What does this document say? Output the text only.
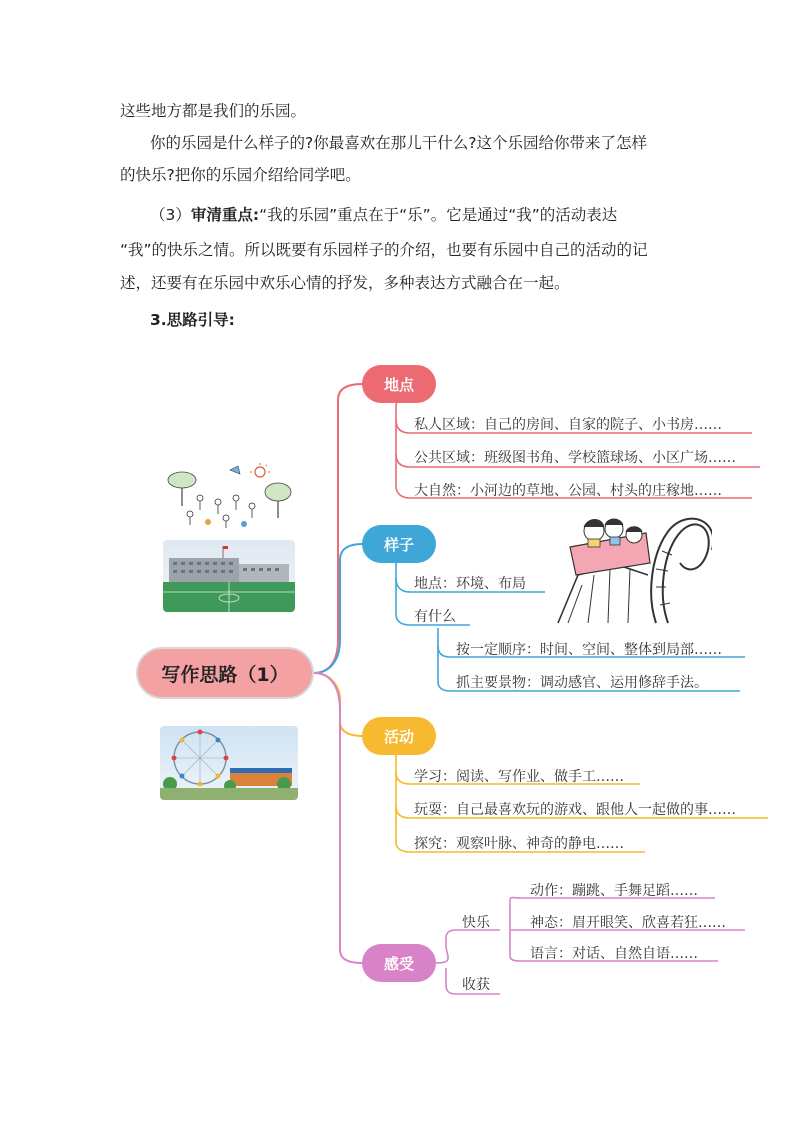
这些地方都是我们的乐园。
你的乐园是什么样子的?你最喜欢在那儿干什么?这个乐园给你带来了怎样
的快乐?把你的乐园介绍给同学吧。
（3）审清重点:“我的乐园”重点在于“乐”。它是通过“我”的活动表达
“我”的快乐之情。所以既要有乐园样子的介绍，也要有乐园中自己的活动的记
述，还要有在乐园中欢乐心情的抒发，多种表达方式融合在一起。
3.思路引导:
写作思路（1）
地点
样子
活动
感受
私人区域：自己的房间、自家的院子、小书房……
公共区域：班级图书角、学校篮球场、小区广场……
大自然：小河边的草地、公园、村头的庄稼地……
地点：环境、布局
有什么
按一定顺序：时间、空间、整体到局部……
抓主要景物：调动感官、运用修辞手法。
学习：阅读、写作业、做手工……
玩耍：自己最喜欢玩的游戏、跟他人一起做的事……
探究：观察叶脉、神奇的静电……
快乐
收获
动作：蹦跳、手舞足蹈……
神态：眉开眼笑、欣喜若狂……
语言：对话、自然自语……
